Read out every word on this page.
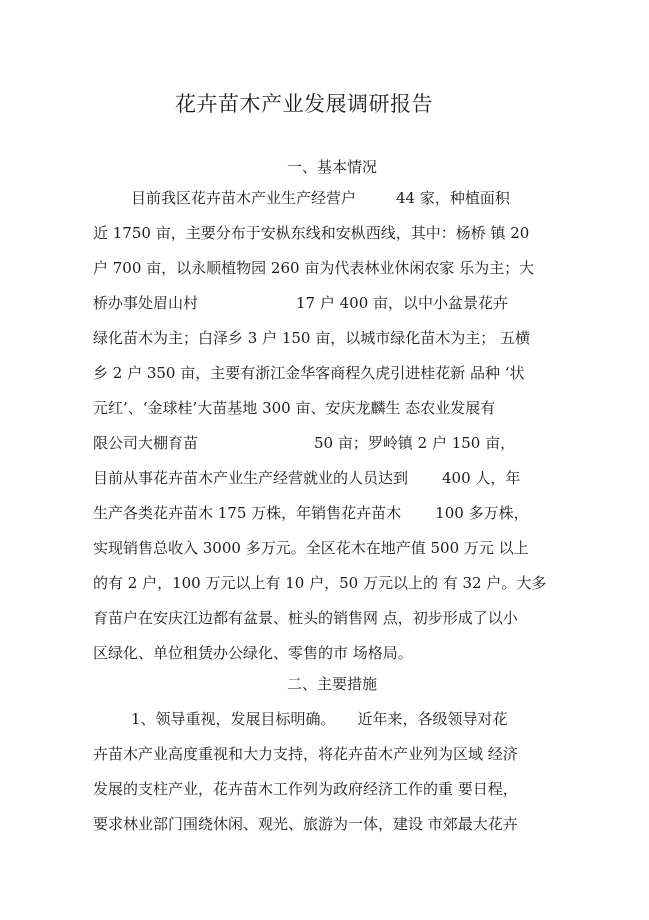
花卉苗木产业发展调研报告
一、基本情况
目前我区花卉苗木产业生产经营户	44 家，种植面积
近 1750 亩，主要分布于安枞东线和安枞西线，其中：杨桥 镇 20
户 700 亩，以永顺植物园 260 亩为代表林业休闲农家 乐为主；大
桥办事处眉山村	17 户 400 亩，以中小盆景花卉
绿化苗木为主；白泽乡 3 户 150 亩，以城市绿化苗木为主； 五横
乡 2 户 350 亩，主要有浙江金华客商程久虎引进桂花新 品种 ‘状
元红’、‘金球桂’大苗基地 300 亩、安庆龙麟生 态农业发展有
限公司大棚育苗	50 亩；罗岭镇 2 户 150 亩，
目前从事花卉苗木产业生产经营就业的人员达到 400 人，年
生产各类花卉苗木 175 万株，年销售花卉苗木 100 多万株，
实现销售总收入 3000 多万元。全区花木在地产值 500 万元 以上
的有 2 户，100 万元以上有 10 户，50 万元以上的 有 32 户。大多
育苗户在安庆江边都有盆景、桩头的销售网 点，初步形成了以小
区绿化、单位租赁办公绿化、零售的市 场格局。
二、主要措施
1、领导重视，发展目标明确。 近年来，各级领导对花
卉苗木产业高度重视和大力支持，将花卉苗木产业列为区域 经济
发展的支柱产业，花卉苗木工作列为政府经济工作的重 要日程，
要求林业部门围绕休闲、观光、旅游为一体，建设 市郊最大花卉
